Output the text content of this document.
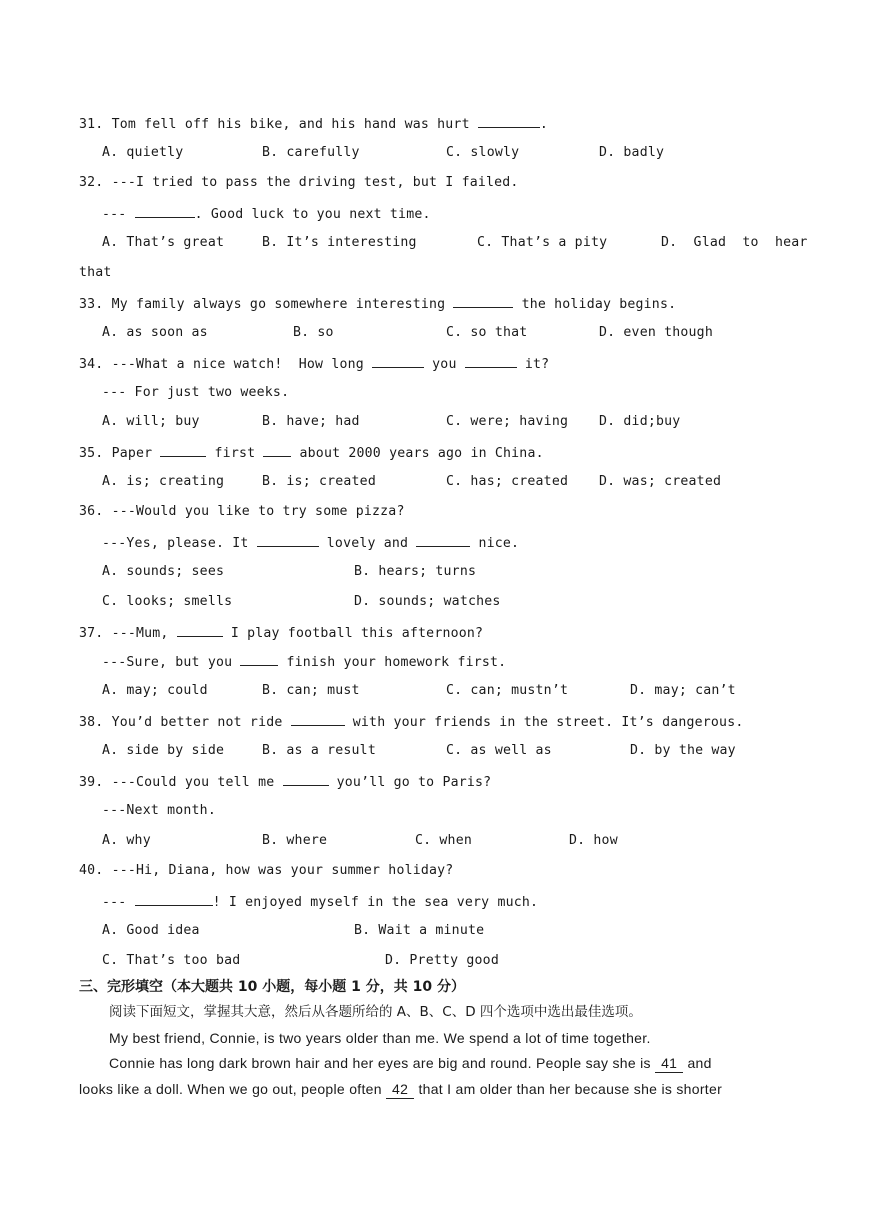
31. Tom fell off his bike, and his hand was hurt	.
A. quietly	B. carefully	C. slowly	D. badly
32. ---I tried to pass the driving test, but I failed.
---	. Good luck to you next time.
A. That’s great	B. It’s interesting	C. That’s a pity	D.  Glad  to  hear
that
33. My family always go somewhere interesting	the holiday begins.
A. as soon as	B. so	C. so that	D. even though
34. ---What a nice watch!  How long	you	it?
--- For just two weeks.
A. will; buy	B. have; had	C. were; having D. did;buy
35. Paper	first	about 2000 years ago in China.
A. is; creating	B. is; created	C. has; created D. was; created
36. ---Would you like to try some pizza?
---Yes, please. It	lovely and	nice.
A. sounds; sees	B. hears; turns
C. looks; smells	D. sounds; watches
37. ---Mum,	I play football this afternoon?
---Sure, but you	finish your homework first.
A. may; could	B. can; must	C. can; mustn’t	D. may; can’t
38. You’d better not ride	with your friends in the street. It’s dangerous.
A. side by side	B. as a result	C. as well as	D. by the way
39. ---Could you tell me	you’ll go to Paris?
---Next month.
A. why	B. where	C. when	D. how
40. ---Hi, Diana, how was your summer holiday?
---	! I enjoyed myself in the sea very much.
A. Good idea	B. Wait a minute
C. That’s too bad	D. Pretty good
三、完形填空（本大题共 10 小题，每小题 1 分，共 10 分）
阅读下面短文，掌握其大意，然后从各题所给的 A、B、C、D 四个选项中选出最佳选项。
My best friend, Connie, is two years older than me. We spend a lot of time together.
Connie has long dark brown hair and her eyes are big and round. People say she is 41 and
looks like a doll. When we go out, people often 42 that I am older than her because she is shorter
